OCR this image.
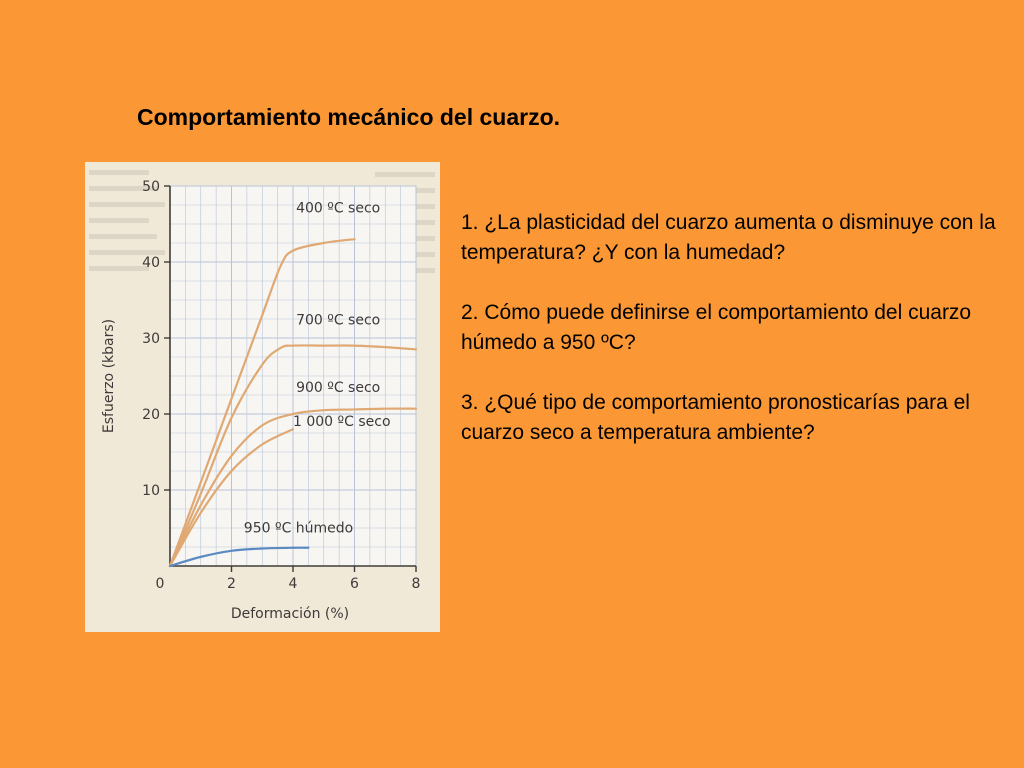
Comportamiento mecánico del cuarzo.
10
20
30
40
50
0	2	4	6	8
Deformación (%)
Esfuerzo (kbars)
400 ºC seco
700 ºC seco
900 ºC seco
1 000 ºC seco
950 ºC húmedo

1. ¿La plasticidad del cuarzo aumenta o disminuye con la temperatura? ¿Y con la humedad?

2. Cómo puede definirse el comportamiento del cuarzo húmedo a 950 ºC?

3. ¿Qué tipo de comportamiento pronosticarías para el cuarzo seco a temperatura ambiente?
